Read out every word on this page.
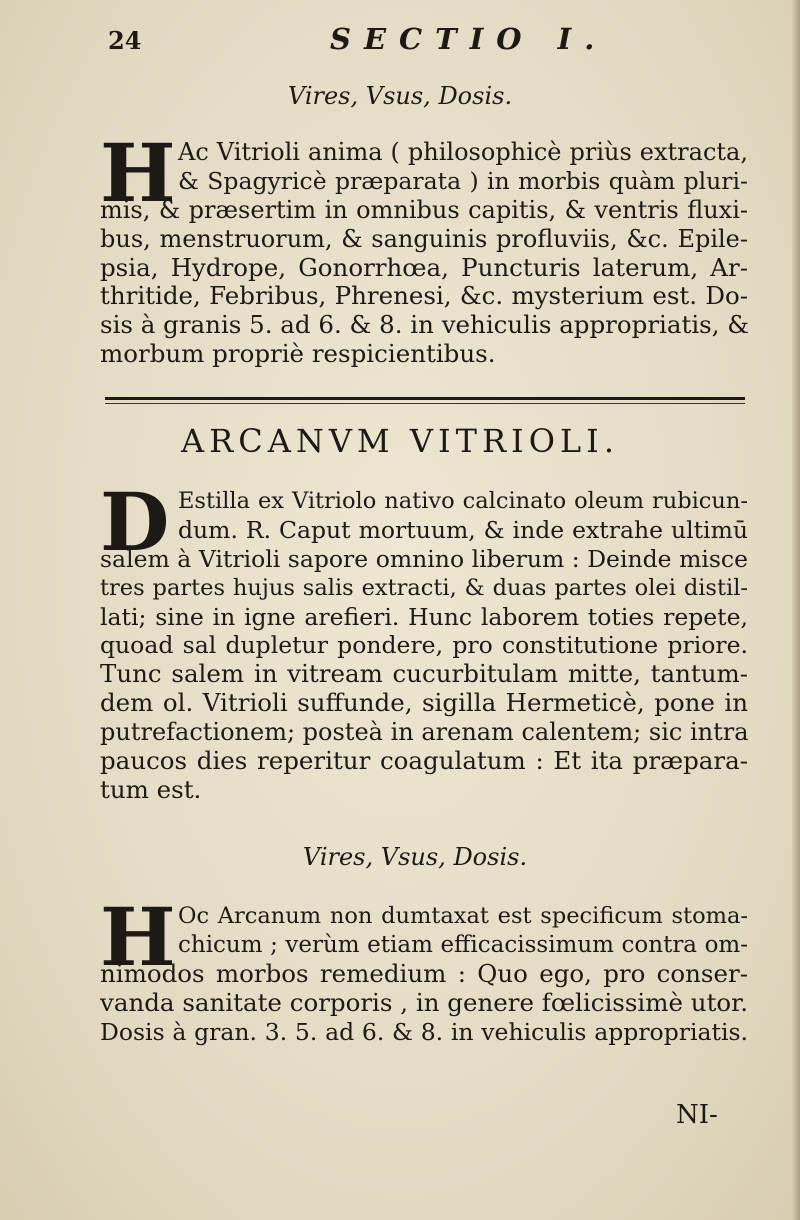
24	SECTIO I.
Vires, Vsus, Dosis.
H Ac Vitrioli anima ( philosophicè priùs extracta,
& Spagyricè præparata ) in morbis quàm pluri-
mis, & præsertim in omnibus capitis, & ventris fluxi-
bus, menstruorum, & sanguinis profluviis, &c. Epile-
psia, Hydrope, Gonorrhœa, Puncturis laterum, Ar-
thritide, Febribus, Phrenesi, &c. mysterium est. Do-
sis à granis 5. ad 6. & 8. in vehiculis appropriatis, &
morbum propriè respicientibus.
ARCANVM VITRIOLI.
D Estilla ex Vitriolo nativo calcinato oleum rubicun-
dum. R. Caput mortuum, & inde extrahe ultimū
salem à Vitrioli sapore omnino liberum : Deinde misce
tres partes hujus salis extracti, & duas partes olei distil-
lati; sine in igne arefieri. Hunc laborem toties repete,
quoad sal dupletur pondere, pro constitutione priore.
Tunc salem in vitream cucurbitulam mitte, tantum-
dem ol. Vitrioli suffunde, sigilla Hermeticè, pone in
putrefactionem; posteà in arenam calentem; sic intra
paucos dies reperitur coagulatum : Et ita præpara-
tum est.
Vires, Vsus, Dosis.
H Oc Arcanum non dumtaxat est specificum stoma-
chicum ; verùm etiam efficacissimum contra om-
nimodos morbos remedium : Quo ego, pro conser-
vanda sanitate corporis , in genere fœlicissimè utor.
Dosis à gran. 3. 5. ad 6. & 8. in vehiculis appropriatis.
NI-
